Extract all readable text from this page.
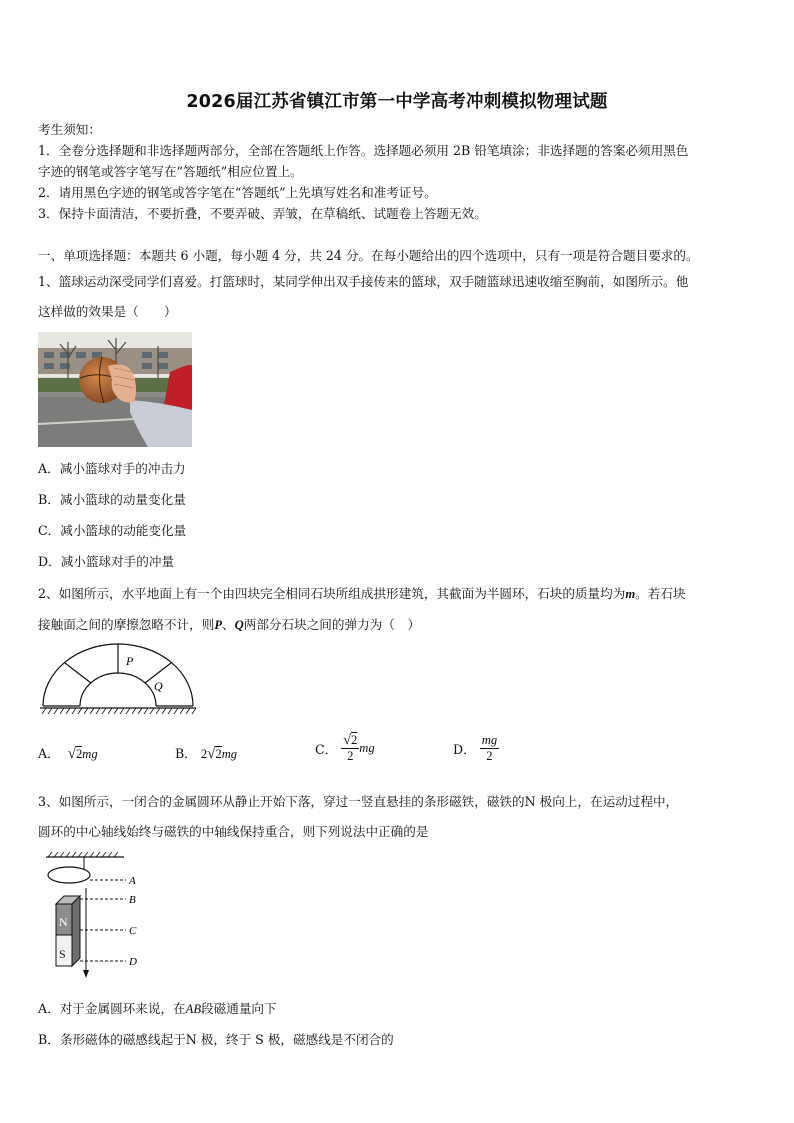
2026届江苏省镇江市第一中学高考冲刺模拟物理试题
考生须知：
1．全卷分选择题和非选择题两部分，全部在答题纸上作答。选择题必须用 2B 铅笔填涂；非选择题的答案必须用黑色
字迹的钢笔或答字笔写在“答题纸”相应位置上。
2．请用黑色字迹的钢笔或答字笔在“答题纸”上先填写姓名和准考证号。
3．保持卡面清洁，不要折叠，不要弄破、弄皱，在草稿纸、试题卷上答题无效。
一、单项选择题：本题共 6 小题，每小题 4 分，共 24 分。在每小题给出的四个选项中，只有一项是符合题目要求的。
1、篮球运动深受同学们喜爱。打篮球时，某同学伸出双手接传来的篮球，双手随篮球迅速收缩至胸前，如图所示。他
这样做的效果是（　　）
A．减小篮球对手的冲击力
B．减小篮球的动量变化量
C．减小篮球的动能变化量
D．减小篮球对手的冲量
2、如图所示，水平地面上有一个由四块完全相同石块所组成拱形建筑，其截面为半圆环，石块的质量均为m。若石块
接触面之间的摩擦忽略不计，则P、Q两部分石块之间的弹力为（　）
P
Q
A． √2mg	B． 2√2mg	C． $\frac{√2}{2}$ mg	D． $\frac{mg}{2}$
3、如图所示，一闭合的金属圆环从静止开始下落，穿过一竖直悬挂的条形磁铁，磁铁的N 极向上，在运动过程中，
圆环的中心轴线始终与磁铁的中轴线保持重合，则下列说法中正确的是
N
S
A
B
C
D
A．对于金属圆环来说，在AB段磁通量向下
B．条形磁体的磁感线起于N 极，终于 S 极，磁感线是不闭合的
